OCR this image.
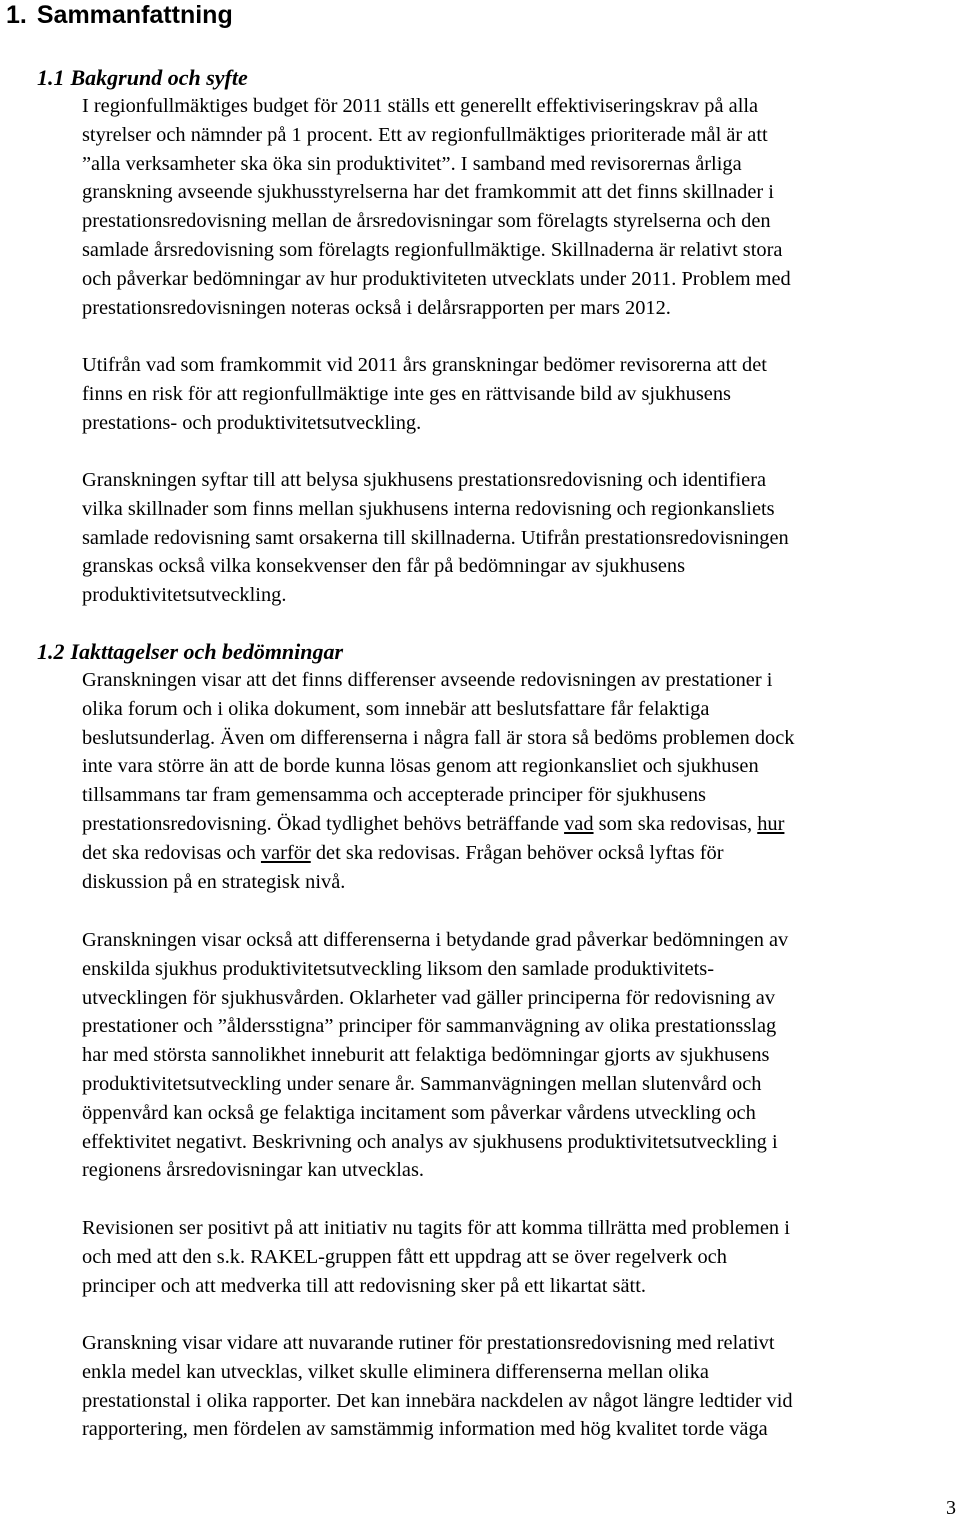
1. Sammanfattning
1.1 Bakgrund och syfte

I regionfullmäktiges budget för 2011 ställs ett generellt effektiviseringskrav på alla
styrelser och nämnder på 1 procent. Ett av regionfullmäktiges prioriterade mål är att
”alla verksamheter ska öka sin produktivitet”. I samband med revisorernas årliga
granskning avseende sjukhusstyrelserna har det framkommit att det finns skillnader i
prestationsredovisning mellan de årsredovisningar som förelagts styrelserna och den
samlade årsredovisning som förelagts regionfullmäktige. Skillnaderna är relativt stora
och påverkar bedömningar av hur produktiviteten utvecklats under 2011. Problem med
prestationsredovisningen noteras också i delårsrapporten per mars 2012.

Utifrån vad som framkommit vid 2011 års granskningar bedömer revisorerna att det
finns en risk för att regionfullmäktige inte ges en rättvisande bild av sjukhusens
prestations- och produktivitetsutveckling.

Granskningen syftar till att belysa sjukhusens prestationsredovisning och identifiera
vilka skillnader som finns mellan sjukhusens interna redovisning och regionkansliets
samlade redovisning samt orsakerna till skillnaderna. Utifrån prestationsredovisningen
granskas också vilka konsekvenser den får på bedömningar av sjukhusens
produktivitetsutveckling.

1.2 Iakttagelser och bedömningar

Granskningen visar att det finns differenser avseende redovisningen av prestationer i
olika forum och i olika dokument, som innebär att beslutsfattare får felaktiga
beslutsunderlag. Även om differenserna i några fall är stora så bedöms problemen dock
inte vara större än att de borde kunna lösas genom att regionkansliet och sjukhusen
tillsammans tar fram gemensamma och accepterade principer för sjukhusens
prestationsredovisning. Ökad tydlighet behövs beträffande vad som ska redovisas, hur
det ska redovisas och varför det ska redovisas. Frågan behöver också lyftas för
diskussion på en strategisk nivå.

Granskningen visar också att differenserna i betydande grad påverkar bedömningen av
enskilda sjukhus produktivitetsutveckling liksom den samlade produktivitets-
utvecklingen för sjukhusvården. Oklarheter vad gäller principerna för redovisning av
prestationer och ”åldersstigna” principer för sammanvägning av olika prestationsslag
har med största sannolikhet inneburit att felaktiga bedömningar gjorts av sjukhusens
produktivitetsutveckling under senare år. Sammanvägningen mellan slutenvård och
öppenvård kan också ge felaktiga incitament som påverkar vårdens utveckling och
effektivitet negativt. Beskrivning och analys av sjukhusens produktivitetsutveckling i
regionens årsredovisningar kan utvecklas.

Revisionen ser positivt på att initiativ nu tagits för att komma tillrätta med problemen i
och med att den s.k. RAKEL-gruppen fått ett uppdrag att se över regelverk och
principer och att medverka till att redovisning sker på ett likartat sätt.

Granskning visar vidare att nuvarande rutiner för prestationsredovisning med relativt
enkla medel kan utvecklas, vilket skulle eliminera differenserna mellan olika
prestationstal i olika rapporter. Det kan innebära nackdelen av något längre ledtider vid
rapportering, men fördelen av samstämmig information med hög kvalitet torde väga

3
